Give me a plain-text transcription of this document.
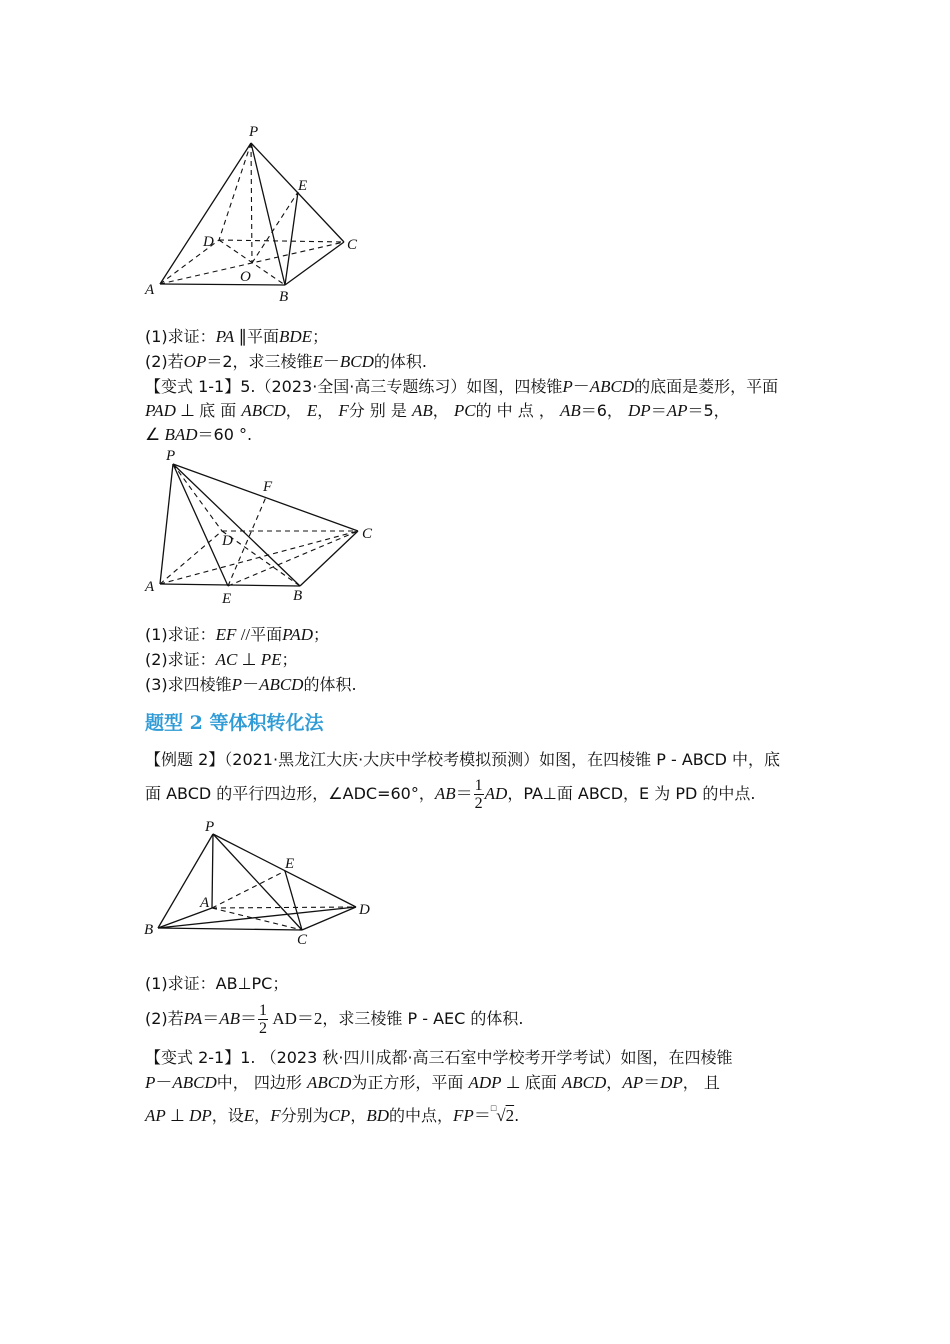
P
E
D	C
O
A	B
(1)求证：PA ∥平面BDE；
(2)若OP＝2，求三棱锥E－BCD的体积.
【变式 1-1】5.（2023·全国·高三专题练习）如图，四棱锥P－ABCD的底面是菱形，平面
PAD ⊥ 底 面 ABCD， E， F分 别 是 AB， PC的 中 点 ， AB＝6， DP＝AP＝5，
∠ BAD＝60 °.
P
F
D	C
A
E	B
(1)求证：EF //平面PAD；
(2)求证：AC ⊥ PE；
(3)求四棱锥P－ABCD的体积.
题型 2 等体积转化法
【例题 2】（2021·黑龙江大庆·大庆中学校考模拟预测）如图，在四棱锥 P - ABCD 中，底
面 ABCD 的平行四边形，∠ADC=60°，$AB= \frac{1}{2}$ AD，PA⊥面 ABCD，E 为 PD 的中点.
P
E
A	D
B
C
(1)求证：AB⊥PC；
(2)若$PA=AB= \frac{1}{2} AD=2$，求三棱锥 P - AEC 的体积.
【变式 2-1】1. （2023 秋·四川成都·高三石室中学校考开学考试）如图，在四棱锥
P－ABCD中， 四边形 ABCD为正方形，平面 ADP ⊥ 底面 ABCD，AP＝DP， 且
AP ⊥ DP，设E，F分别为CP，BD的中点，FP＝□√2.
